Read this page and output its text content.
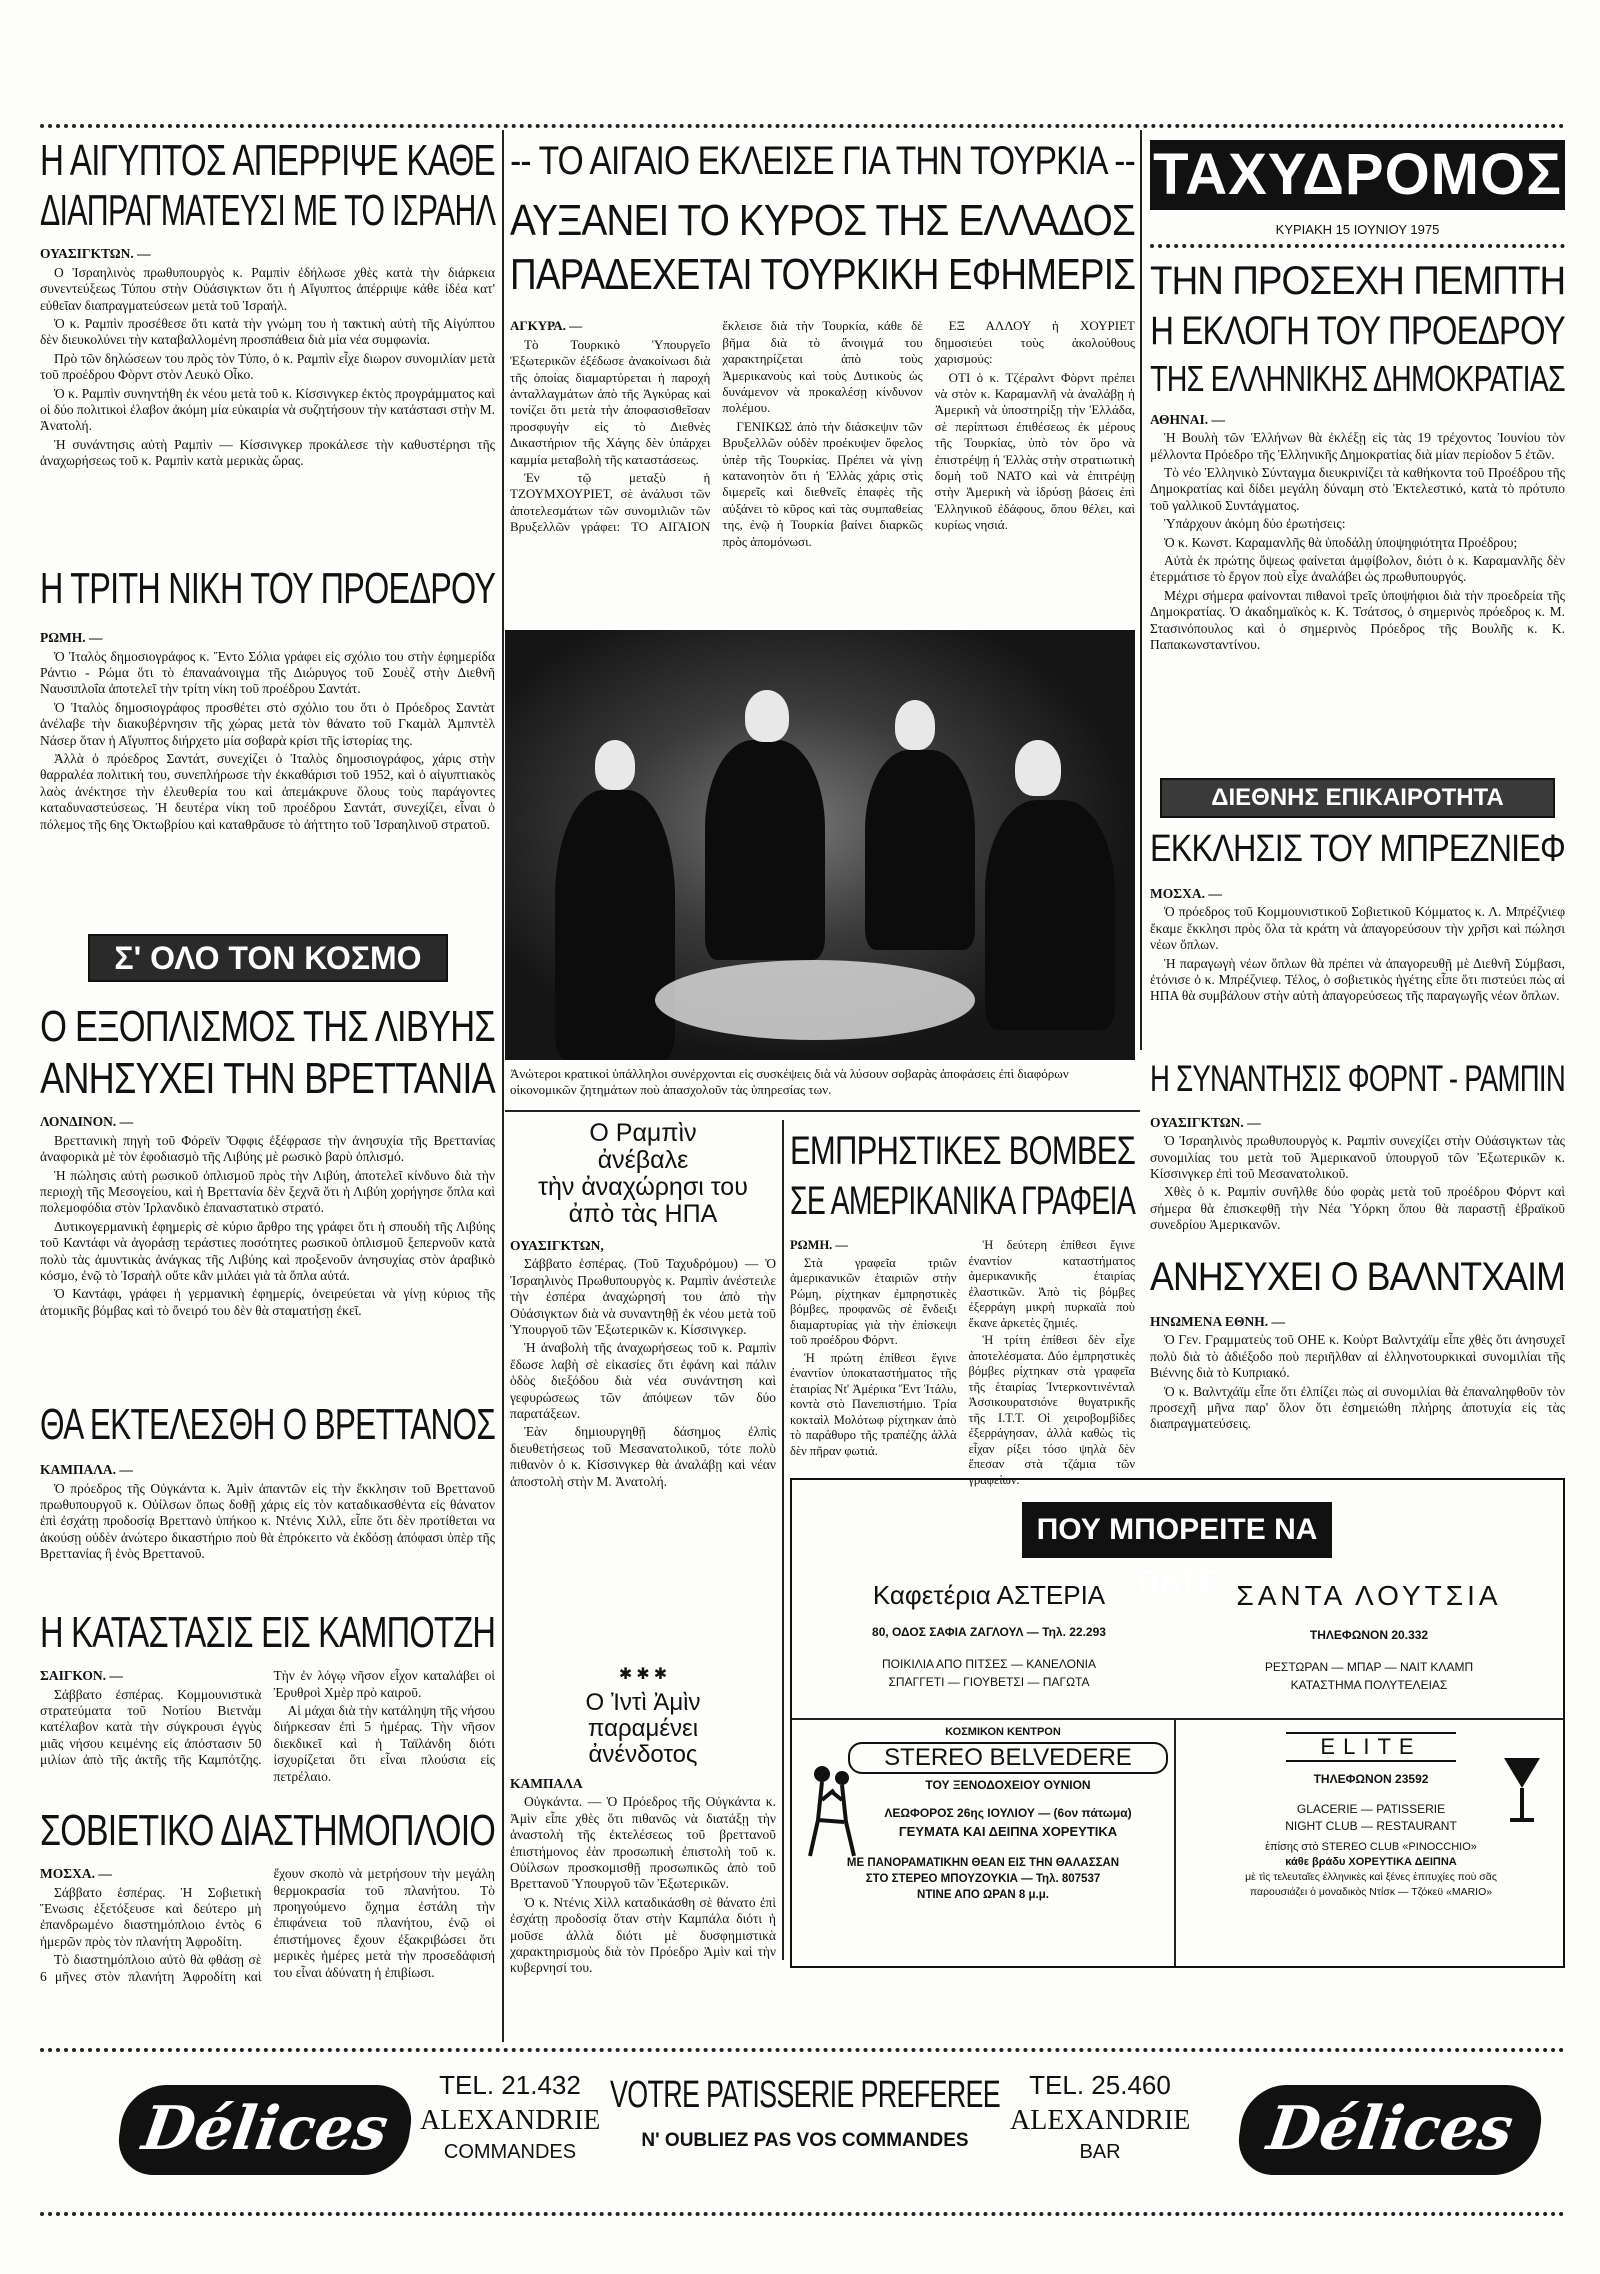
Η ΑΙΓΥΠΤΟΣ ΑΠΕΡΡΙΨΕ ΚΑΘΕ
ΔΙΑΠΡΑΓΜΑΤΕΥΣΙ ΜΕ ΤΟ ΙΣΡΑΗΛ

ΟΥΑΣΙΓΚΤΩΝ. —

Ο Ἰσραηλινὸς πρωθυπουργὸς κ. Ραμπὶν ἐδήλωσε χθὲς κατὰ τὴν διάρκεια συνεντεύξεως Τύπου στὴν Οὐάσιγκτων ὅτι ἡ Αἴγυπτος ἀπέρριψε κάθε ἰδέα κατ' εὐθεῖαν διαπραγματεύσεων μετὰ τοῦ Ἰσραήλ.

Ὁ κ. Ραμπὶν προσέθεσε ὅτι κατὰ τὴν γνώμη του ἡ τακτικὴ αὐτὴ τῆς Αἰγύπτου δὲν διευκολύνει τὴν καταβαλλομένη προσπάθεια διὰ μία νέα συμφωνία.

Πρὸ τῶν δηλώσεων του πρὸς τὸν Τύπο, ὁ κ. Ραμπὶν εἶχε διωρον συνομιλίαν μετὰ τοῦ προέδρου Φὸρντ στὸν Λευκὸ Οἶκο.

Ὁ κ. Ραμπὶν συνηντήθη ἐκ νέου μετὰ τοῦ κ. Κίσσινγκερ ἐκτὸς προγράμματος καὶ οἱ δύο πολιτικοὶ ἐλαβον ἀκόμη μία εὐκαιρία νὰ συζητήσουν τὴν κατάστασι στὴν Μ. Ἀνατολή.

Ἡ συνάντησις αὐτὴ Ραμπὶν — Κίσσινγκερ προκάλεσε τὴν καθυστέρησι τῆς ἀναχωρήσεως τοῦ κ. Ραμπὶν κατὰ μερικὰς ὥρας.

Η ΤΡΙΤΗ ΝΙΚΗ ΤΟΥ ΠΡΟΕΔΡΟΥ

ΡΩΜΗ. —

Ὁ Ἰταλὸς δημοσιογράφος κ. Ἔντο Σόλια γράφει εἰς σχόλιο του στὴν ἐφημερίδα Ράντιο - Ρώμα ὅτι τὸ ἐπαναάνοιγμα τῆς Διώρυγος τοῦ Σουὲζ στὴν Διεθνῆ Ναυσιπλοΐα ἀποτελεῖ τὴν τρίτη νίκη τοῦ προέδρου Σαντάτ.

Ὁ Ἰταλὸς δημοσιογράφος προσθέτει στὸ σχόλιο του ὅτι ὁ Πρόεδρος Σαντὰτ ἀνέλαβε τὴν διακυβέρνησιν τῆς χώρας μετὰ τὸν θάνατο τοῦ Γκαμὰλ Ἀμπντὲλ Νάσερ ὅταν ἡ Αἴγυπτος διήρχετο μία σοβαρὰ κρίσι τῆς ἱστορίας της.

Ἀλλὰ ὁ πρόεδρος Σαντάτ, συνεχίζει ὁ Ἰταλὸς δημοσιογράφος, χάρις στὴν θαρραλέα πολιτική του, συνεπλήρωσε τὴν ἐκκαθάρισι τοῦ 1952, καὶ ὁ αἰγυπτιακὸς λαὸς ἀνέκτησε τὴν ἐλευθερία του καὶ ἀπεμάκρυνε ὅλους τοὺς παράγοντες καταδυναστεύσεως. Ἡ δευτέρα νίκη τοῦ προέδρου Σαντάτ, συνεχίζει, εἶναι ὁ πόλεμος τῆς 6ης Ὀκτωβρίου καὶ καταθρᾶυσε τὸ ἀήττητο τοῦ Ἰσραηλινοῦ στρατοῦ.

Σ' ΟΛΟ ΤΟΝ ΚΟΣΜΟ
Ο ΕΞΟΠΛΙΣΜΟΣ ΤΗΣ ΛΙΒΥΗΣ
ΑΝΗΣΥΧΕΙ ΤΗΝ ΒΡΕΤΤΑΝΙΑ

ΛΟΝΔΙΝΟΝ. —

Βρεττανικὴ πηγὴ τοῦ Φόρεϊν Ὄφφις ἐξέφρασε τὴν ἀνησυχία τῆς Βρεττανίας ἀναφορικὰ μὲ τὸν ἐφοδιασμὸ τῆς Λιβύης μὲ ρωσικὸ βαρὺ ὁπλισμό.

Ἡ πώλησις αὐτὴ ρωσικοῦ ὁπλισμοῦ πρὸς τὴν Λιβύη, ἀποτελεῖ κίνδυνο διὰ τὴν περιοχὴ τῆς Μεσογείου, καὶ ἡ Βρεττανία δὲν ξεχνᾶ ὅτι ἡ Λιβύη χορήγησε ὅπλα καὶ πολεμοφόδια στὸν Ἰρλανδικὸ ἐπαναστατικὸ στρατό.

Δυτικογερμανικὴ ἐφημερὶς σὲ κύριο ἄρθρο της γράφει ὅτι ἡ σπουδὴ τῆς Λιβύης τοῦ Καντάφι νὰ ἀγοράσῃ τεράστιες ποσότητες ρωσικοῦ ὁπλισμοῦ ξεπερνοῦν κατὰ πολὺ τὰς ἀμυντικὰς ἀνάγκας τῆς Λιβύης καὶ προξενοῦν ἀνησυχίας στὸν ἀραβικὸ κόσμο, ἐνῷ τὸ Ἰσραὴλ οὔτε κἂν μιλάει γιὰ τὰ ὅπλα αὐτά.

Ὁ Καντάφι, γράφει ἡ γερμανικὴ ἐφημερίς, ὀνειρεύεται νὰ γίνῃ κύριος τῆς ἀτομικῆς βόμβας καὶ τὸ ὄνειρό του δὲν θὰ σταματήσῃ ἐκεῖ.

ΘΑ ΕΚΤΕΛΕΣΘΗ Ο ΒΡΕΤΤΑΝΟΣ

ΚΑΜΠΑΛΑ. —

Ὁ πρόεδρος τῆς Οὐγκάντα κ. Ἀμὶν ἀπαντῶν εἰς τὴν ἔκκλησιν τοῦ Βρεττανοῦ πρωθυπουργοῦ κ. Οὐίλσων ὅπως δοθῇ χάρις εἰς τὸν καταδικασθέντα εἰς θάνατον ἐπὶ ἐσχάτῃ προδοσίᾳ Βρεττανὸ ὑπήκοο κ. Ντένις Χιλλ, εἶπε ὅτι δὲν προτίθεται να ἀκούσῃ οὐδὲν ἀνώτερο δικαστήριο ποὺ θὰ ἐπρόκειτο νὰ ἐκδόσῃ ἀπόφασι ὑπὲρ τῆς Βρεττανίας ἢ ἑνὸς Βρεττανοῦ.

Η ΚΑΤΑΣΤΑΣΙΣ ΕΙΣ ΚΑΜΠΟΤΖΗ

ΣΑΙΓΚΟΝ. —

Σάββατο ἐσπέρας. Κομμουνιστικὰ στρατεύματα τοῦ Νοτίου Βιετνὰμ κατέλαβον κατὰ τὴν σύγκρουσι ἐγγὺς μιᾶς νήσου κειμένης εἰς ἀπόστασιν 50 μιλίων ἀπὸ τῆς ἀκτῆς τῆς Καμπότζης. Τὴν ἐν λόγῳ νῆσον εἶχον καταλάβει οἱ Ἐρυθροὶ Χμὲρ πρὸ καιροῦ.

Αἱ μάχαι διὰ τὴν κατάληψη τῆς νήσου διήρκεσαν ἐπὶ 5 ἡμέρας. Τὴν νῆσον διεκδικεῖ καὶ ἡ Ταϊλάνδη διότι ἰσχυρίζεται ὅτι εἶναι πλούσια εἰς πετρέλαιο.

ΣΟΒΙΕΤΙΚΟ ΔΙΑΣΤΗΜΟΠΛΟΙΟ

ΜΟΣΧΑ. —

Σάββατο ἑσπέρας. Ἡ Σοβιετικὴ Ἕνωσις ἐξετόξευσε καὶ δεύτερο μὴ ἐπανδρωμένο διαστημόπλοιο ἐντὸς 6 ἡμερῶν πρὸς τὸν πλανήτη Ἀφροδίτη.

Τὸ διαστημόπλοιο αὐτὸ θὰ φθάσῃ σὲ 6 μῆνες στὸν πλανήτη Ἀφροδίτη καὶ ἔχουν σκοπὸ νὰ μετρήσουν τὴν μεγάλη θερμοκρασία τοῦ πλανήτου. Τὸ προηγούμενο ὄχημα ἐστάλη τὴν ἐπιφάνεια τοῦ πλανήτου, ἐνῷ οἱ ἐπιστήμονες ἔχουν ἐξακριβώσει ὅτι μερικὲς ἡμέρες μετὰ τὴν προσεδάφισή του εἶναι ἀδύνατη ἡ ἐπιβίωσι.

-- ΤΟ ΑΙΓΑΙΟ ΕΚΛΕΙΣΕ ΓΙΑ ΤΗΝ ΤΟΥΡΚΙΑ --
ΑΥΞΑΝΕΙ ΤΟ ΚΥΡΟΣ ΤΗΣ ΕΛΛΑΔΟΣ
ΠΑΡΑΔΕΧΕΤΑΙ ΤΟΥΡΚΙΚΗ ΕΦΗΜΕΡΙΣ

ΑΓΚΥΡΑ. —

Τὸ Τουρκικὸ Ὑπουργεῖο Ἐξωτερικῶν ἐξέδωσε ἀνακοίνωσι διὰ τῆς ὁποίας διαμαρτύρεται ἡ παροχὴ ἀνταλλαγμάτων ἀπὸ τῆς Ἀγκύρας καὶ τονίζει ὅτι μετὰ τὴν ἀποφασισθεῖσαν προσφυγὴν εἰς τὸ Διεθνὲς Δικαστήριον τῆς Χάγης δὲν ὑπάρχει καμμία μεταβολὴ τῆς καταστάσεως.

Ἐν τῷ μεταξὺ ἡ ΤΖΟΥΜΧΟΥΡΙΕΤ, σὲ ἀνάλυσι τῶν ἀποτελεσμάτων τῶν συνομιλιῶν τῶν Βρυξελλῶν γράφει: ΤΟ ΑΙΓΑΙΟΝ ἔκλεισε διὰ τὴν Τουρκία, κάθε δὲ βῆμα διὰ τὸ ἄνοιγμά του χαρακτηρίζεται ἀπὸ τοὺς Ἀμερικανοὺς καὶ τοὺς Δυτικοὺς ὡς δυνάμενον νὰ προκαλέσῃ κίνδυνον πολέμου.

ΓΕΝΙΚΩΣ ἀπὸ τὴν διάσκεψιν τῶν Βρυξελλῶν οὐδὲν προέκυψεν ὄφελος ὑπὲρ τῆς Τουρκίας. Πρέπει νὰ γίνῃ κατανοητὸν ὅτι ἡ Ἑλλὰς χάρις στὶς διμερεῖς καὶ διεθνεῖς ἐπαφὲς τῆς αὐξάνει τὸ κῦρος καὶ τὰς συμπαθείας της, ἐνῷ ἡ Τουρκία βαίνει διαρκῶς πρὸς ἀπομόνωσι.

ΕΞ ΑΛΛΟΥ ἡ ΧΟΥΡΙΕΤ δημοσιεύει τοὺς ἀκολούθους χαρισμούς:

ΟΤΙ ὁ κ. Τζέραλντ Φὸρντ πρέπει νὰ στὸν κ. Καραμανλῆ νὰ ἀναλάβῃ ἡ Ἀμερικὴ νὰ ὑποστηρίξῃ τὴν Ἑλλάδα, σὲ περίπτωσι ἐπιθέσεως ἐκ μέρους τῆς Τουρκίας, ὑπὸ τὸν ὅρο νὰ ἐπιστρέψῃ ἡ Ἑλλὰς στὴν στρατιωτικὴ δομὴ τοῦ ΝΑΤΟ καὶ νὰ ἐπιτρέψῃ στὴν Ἀμερικὴ νὰ ἱδρύσῃ βάσεις ἐπὶ Ἑλληνικοῦ ἐδάφους, ὅπου θέλει, καὶ κυρίως νησιά.

Ἀνώτεροι κρατικοὶ ὑπάλληλοι συνέρχονται εἰς συσκέψεις διὰ νὰ λύσουν σοβαρὰς ἀποφάσεις ἐπὶ διαφόρων οἰκονομικῶν ζητημάτων ποὺ ἀπασχολοῦν τὰς ὑπηρεσίας των.
Ο Ραμπὶν
ἀνέβαλε
τὴν ἀναχώρησι του
ἀπὸ τὰς ΗΠΑ

ΟΥΑΣΙΓΚΤΩΝ,

Σάββατο ἑσπέρας. (Τοῦ Ταχυδρόμου) — Ὁ Ἰσραηλινὸς Πρωθυπουργὸς κ. Ραμπὶν ἀνέστειλε τὴν ἐσπέρα ἀναχώρησή του ἀπὸ τὴν Οὐάσιγκτων διὰ νὰ συναντηθῇ ἐκ νέου μετὰ τοῦ Ὑπουργοῦ τῶν Ἐξωτερικῶν κ. Κίσσινγκερ.

Ἡ ἀναβολὴ τῆς ἀναχωρήσεως τοῦ κ. Ραμπὶν ἔδωσε λαβὴ σὲ εἰκασίες ὅτι ἐφάνη καὶ πάλιν ὁδὸς διεξόδου διὰ νέα συνάντηση καὶ γεφυρώσεως τῶν ἀπόψεων τῶν δύο παρατάξεων.

Ἐὰν δημιουργηθῇ δάσημος ἐλπὶς διευθετήσεως τοῦ Μεσανατολικοῦ, τότε πολὺ πιθανὸν ὁ κ. Κίσσινγκερ θὰ ἀναλάβῃ καὶ νέαν ἀποστολὴ στὴν Μ. Ἀνατολή.

✱ ✱ ✱
Ο Ἰντὶ Ἀμὶν
παραμένει
ἀνένδοτος

ΚΑΜΠΑΛΑ

Οὐγκάντα. — Ὁ Πρόεδρος τῆς Οὐγκάντα κ. Ἀμὶν εἶπε χθὲς ὅτι πιθανῶς νὰ διατάξῃ τὴν ἀναστολὴ τῆς ἐκτελέσεως τοῦ βρεττανοῦ ἐπιστήμονος ἐὰν προσωπικὴ ἐπιστολὴ τοῦ κ. Οὐίλσων προσκομισθῇ προσωπικῶς ἀπὸ τοῦ Βρεττανοῦ Ὑπουργοῦ τῶν Ἐξωτερικῶν.

Ὁ κ. Ντένις Χὶλλ καταδικάσθη σὲ θάνατο ἐπὶ ἐσχάτῃ προδοσίᾳ ὅταν στὴν Καμπάλα διότι ἡ μοῦσε ἀλλὰ διότι μὲ δυσφημιστικὰ χαρακτηρισμοὺς διὰ τὸν Πρόεδρο Ἀμὶν καὶ τὴν κυβερνησί του.

ΕΜΠΡΗΣΤΙΚΕΣ ΒΟΜΒΕΣ
ΣΕ ΑΜΕΡΙΚΑΝΙΚΑ ΓΡΑΦΕΙΑ

ΡΩΜΗ. —

Στὰ γραφεῖα τριῶν ἀμερικανικῶν ἑταιριῶν στὴν Ρώμη, ρίχτηκαν ἐμπρηστικὲς βόμβες, προφανῶς σὲ ἔνδειξι διαμαρτυρίας γιὰ τὴν ἐπίσκεψι τοῦ προέδρου Φόρντ.

Ἡ πρώτη ἐπίθεσι ἔγινε ἐναντίον ὑποκαταστήματος τῆς ἑταιρίας Νt' Ἀμέρικα Ἔντ Ἰτάλυ, κοντὰ στὸ Πανεπιστήμιο. Τρία κοκταὶλ Μολότωφ ρίχτηκαν ἀπὸ τὸ παράθυρο τῆς τραπέζης ἀλλὰ δὲν πῆραν φωτιά.

Ἡ δεύτερη ἐπίθεσι ἔγινε ἐναντίον καταστήματος ἀμερικανικῆς ἑταιρίας ἐλαστικῶν. Ἀπὸ τὶς βόμβες ἐξερράγη μικρὴ πυρκαϊὰ ποὺ ἔκανε ἀρκετὲς ζημιές.

Ἡ τρίτη ἐπίθεσι δὲν εἶχε ἀποτελέσματα. Δύο ἐμπρηστικὲς βόμβες ρίχτηκαν στὰ γραφεῖα τῆς ἑταιρίας Ἰντερκοντινένταλ Ἀσσικουρατσιόνε θυγατρικῆς τῆς Ι.Τ.Τ. Οἱ χειροβομβίδες ἐξερράγησαν, ἀλλὰ καθὼς τὶς εἶχαν ρίξει τόσο ψηλὰ δὲν ἔπεσαν στὰ τζάμια τῶν γραφείων.

ΤΑΧΥΔΡΟΜΟΣ
ΚΥΡΙΑΚΗ 15 ΙΟΥΝΙΟΥ 1975
ΤΗΝ ΠΡΟΣΕΧΗ ΠΕΜΠΤΗ
Η ΕΚΛΟΓΗ ΤΟΥ ΠΡΟΕΔΡΟΥ
ΤΗΣ ΕΛΛΗΝΙΚΗΣ ΔΗΜΟΚΡΑΤΙΑΣ

ΑΘΗΝΑΙ. —

Ἡ Βουλὴ τῶν Ἑλλήνων θὰ ἐκλέξῃ εἰς τὰς 19 τρέχοντος Ἰουνίου τὸν μέλλοντα Πρόεδρο τῆς Ἑλληνικῆς Δημοκρατίας διὰ μίαν περίοδον 5 ἐτῶν.

Τὸ νέο Ἑλληνικὸ Σύνταγμα διευκρινίζει τὰ καθήκοντα τοῦ Προέδρου τῆς Δημοκρατίας καὶ δίδει μεγάλη δύναμη στὸ Ἐκτελεστικό, κατὰ τὸ πρότυπο τοῦ γαλλικοῦ Συντάγματος.

Ὑπάρχουν ἀκόμη δύο ἐρωτήσεις:

Ὁ κ. Κωνστ. Καραμανλῆς θὰ ὑποδάλῃ ὑποψηφιότητα Προέδρου;

Αὐτὰ ἐκ πρώτης ὄψεως φαίνεται ἀμφίβολον, διότι ὁ κ. Καραμανλῆς δὲν ἐτερμάτισε τὸ ἔργον ποὺ εἶχε ἀναλάβει ὡς πρωθυπουργός.

Μέχρι σήμερα φαίνονται πιθανοὶ τρεῖς ὑποψήφιοι διὰ τὴν προεδρεία τῆς Δημοκρατίας. Ὁ ἀκαδημαϊκὸς κ. Κ. Τσάτσος, ὁ σημερινὸς πρόεδρος κ. Μ. Στασινόπουλος καὶ ὁ σημερινὸς Πρόεδρος τῆς Βουλῆς κ. Κ. Παπακωνσταντίνου.

ΔΙΕΘΝΗΣ ΕΠΙΚΑΙΡΟΤΗΤΑ
ΕΚΚΛΗΣΙΣ ΤΟΥ ΜΠΡΕΖΝΙΕΦ

ΜΟΣΧΑ. —

Ὁ πρόεδρος τοῦ Κομμουνιστικοῦ Σοβιετικοῦ Κόμματος κ. Λ. Μπρέζνιεφ ἔκαμε ἔκκλησι πρὸς ὅλα τὰ κράτη νὰ ἀπαγορεύσουν τὴν χρῆσι καὶ πώλησι νέων ὅπλων.

Ἡ παραγωγὴ νέων ὅπλων θὰ πρέπει νὰ ἀπαγορευθῇ μὲ Διεθνῆ Σύμβασι, ἐτόνισε ὁ κ. Μπρέζνιεφ. Τέλος, ὁ σοβιετικὸς ἡγέτης εἶπε ὅτι πιστεύει πὼς αἱ ΗΠΑ θὰ συμβάλουν στὴν αὐτὴ ἀπαγορεύσεως τῆς παραγωγῆς νέων ὅπλων.

Η ΣΥΝΑΝΤΗΣΙΣ ΦΟΡΝΤ - ΡΑΜΠΙΝ

ΟΥΑΣΙΓΚΤΩΝ. —

Ὁ Ἰσραηλινὸς πρωθυπουργὸς κ. Ραμπὶν συνεχίζει στὴν Οὐάσιγκτων τὰς συνομιλίας του μετὰ τοῦ Ἀμερικανοῦ ὑπουργοῦ τῶν Ἐξωτερικῶν κ. Κίσσινγκερ ἐπὶ τοῦ Μεσανατολικοῦ.

Χθὲς ὁ κ. Ραμπὶν συνῆλθε δύο φορὰς μετὰ τοῦ προέδρου Φόρντ καὶ σήμερα θὰ ἐπισκεφθῇ τὴν Νέα Ὑόρκη ὅπου θὰ παραστῇ ἑβραϊκοῦ συνεδρίου Ἀμερικανῶν.

ΑΝΗΣΥΧΕΙ Ο ΒΑΛΝΤΧΑΙΜ

ΗΝΩΜΕΝΑ ΕΘΝΗ. —

Ὁ Γεν. Γραμματεὺς τοῦ ΟΗΕ κ. Κοὺρτ Βαλντχάϊμ εἶπε χθὲς ὅτι ἀνησυχεῖ πολὺ διὰ τὸ ἀδιέξοδο ποὺ περιῆλθαν αἱ ἑλληνοτουρκικαὶ συνομιλίαι τῆς Βιέννης διὰ τὸ Κυπριακό.

Ὁ κ. Βαλντχάϊμ εἶπε ὅτι ἐλπίζει πὼς αἱ συνομιλίαι θὰ ἐπαναληφθοῦν τὸν προσεχῆ μῆνα παρ' ὅλον ὅτι ἐσημειώθη πλήρης ἀποτυχία εἰς τὰς διαπραγματεύσεις.

ΠΟΥ ΜΠΟΡΕΙΤΕ ΝΑ ΠΑΤΕ
Καφετέρια ΑΣΤΕΡΙΑ
80, ΟΔΟΣ ΣΑΦΙΑ ΖΑΓΛΟΥΛ — Τηλ. 22.293
ΠΟΙΚΙΛΙΑ ΑΠΟ ΠΙΤΣΕΣ — ΚΑΝΕΛΟΝΙΑ
ΣΠΑΓΓΕΤΙ — ΓΙΟΥΒΕΤΣΙ — ΠΑΓΩΤΑ
ΣΑΝΤΑ ΛΟΥΤΣΙΑ
ΤΗΛΕΦΩΝΟΝ 20.332
ΡΕΣΤΩΡΑΝ — ΜΠΑΡ — ΝΑΙΤ ΚΛΑΜΠ
ΚΑΤΑΣΤΗΜΑ ΠΟΛΥΤΕΛΕΙΑΣ
ΚΟΣΜΙΚΟΝ ΚΕΝΤΡΟΝ
STEREO BELVEDERE
ΤΟΥ ΞΕΝΟΔΟΧΕΙΟΥ ΟΥΝΙΟΝ
ΛΕΩΦΟΡΟΣ 26ης ΙΟΥΛΙΟΥ — (6ον πάτωμα)
ΓΕΥΜΑΤΑ ΚΑΙ ΔΕΙΠΝΑ ΧΟΡΕΥΤΙΚΑ
ΜΕ ΠΑΝΟΡΑΜΑΤΙΚΗΝ ΘΕΑΝ ΕΙΣ ΤΗΝ ΘΑΛΑΣΣΑΝ
ΣΤΟ ΣΤΕΡΕΟ ΜΠΟΥΖΟΥΚΙΑ — Τηλ. 807537
ΝΤΙΝΕ ΑΠΟ ΩΡΑΝ 8 μ.μ.
ELITE
ΤΗΛΕΦΩΝΟΝ 23592
GLACERIE — PATISSERIE
NIGHT CLUB — RESTAURANT
ἐπίσης στὸ STEREO CLUB «PINOCCHIO»
κάθε βράδυ ΧΟΡΕΥΤΙΚΑ ΔΕΙΠΝΑ
μὲ τὶς τελευταῖες ἑλληνικὲς καὶ ξένες ἐπιτυχίες ποὺ σᾶς
παρουσιάζει ὁ μοναδικὸς Ντίσκ — Τζόκεϋ «MARIO»
Délices
TEL. 21.432
ALEXANDRIE
COMMANDES
VOTRE PATISSERIE PREFEREE
N' OUBLIEZ PAS VOS COMMANDES
TEL. 25.460
ALEXANDRIE
BAR	Délices
